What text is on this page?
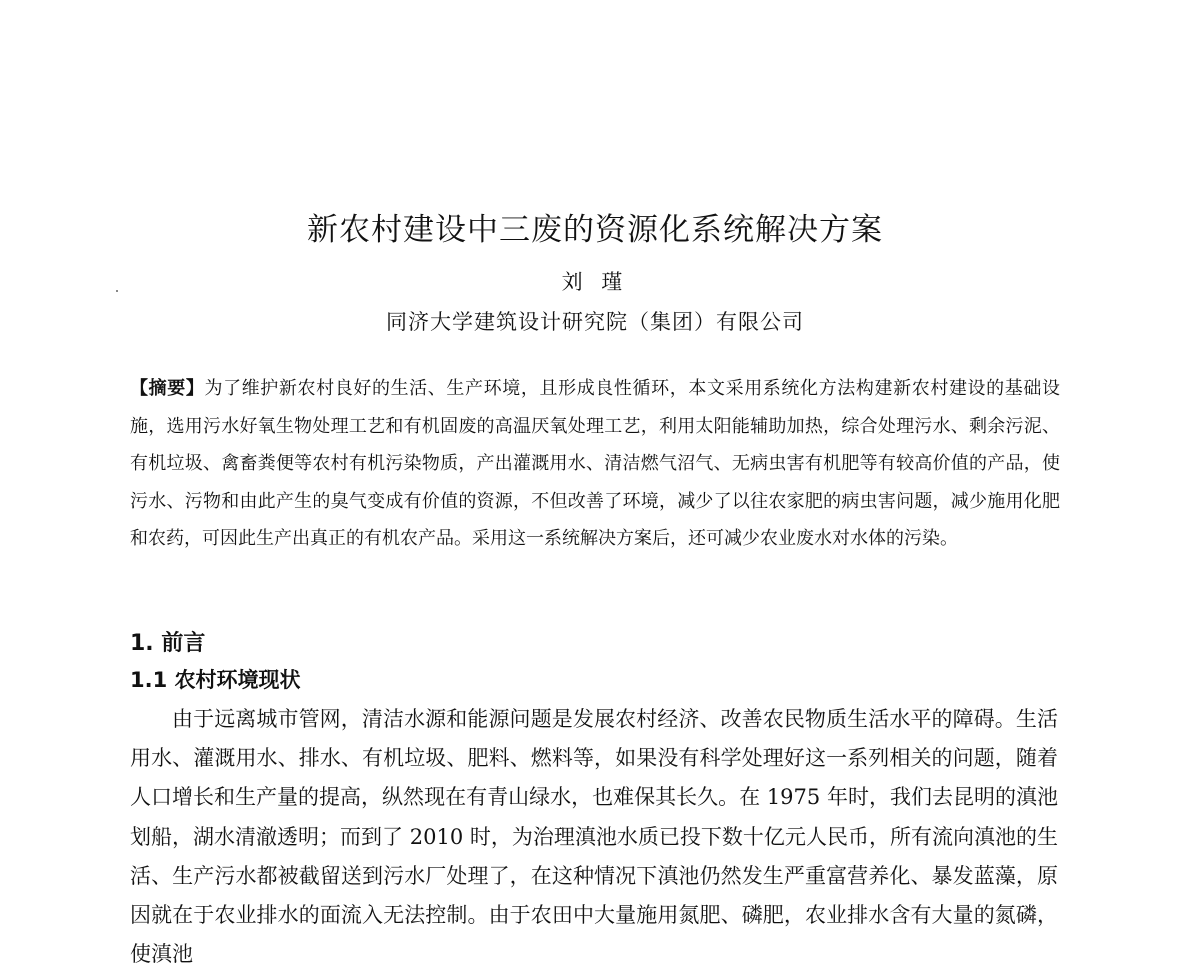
新农村建设中三废的资源化系统解决方案
刘 瑾
同济大学建筑设计研究院（集团）有限公司

【摘要】为了维护新农村良好的生活、生产环境，且形成良性循环，本文采用系统化方法构建新农村建设的基础设施，选用污水好氧生物处理工艺和有机固废的高温厌氧处理工艺，利用太阳能辅助加热，综合处理污水、剩余污泥、有机垃圾、禽畜粪便等农村有机污染物质，产出灌溉用水、清洁燃气沼气、无病虫害有机肥等有较高价值的产品，使污水、污物和由此产生的臭气变成有价值的资源，不但改善了环境，减少了以往农家肥的病虫害问题，减少施用化肥和农药，可因此生产出真正的有机农产品。采用这一系统解决方案后，还可减少农业废水对水体的污染。

1. 前言
1.1 农村环境现状

由于远离城市管网，清洁水源和能源问题是发展农村经济、改善农民物质生活水平的障碍。生活用水、灌溉用水、排水、有机垃圾、肥料、燃料等，如果没有科学处理好这一系列相关的问题，随着人口增长和生产量的提高，纵然现在有青山绿水，也难保其长久。在 1975 年时，我们去昆明的滇池划船，湖水清澈透明；而到了 2010 时，为治理滇池水质已投下数十亿元人民币，所有流向滇池的生活、生产污水都被截留送到污水厂处理了，在这种情况下滇池仍然发生严重富营养化、暴发蓝藻，原因就在于农业排水的面流入无法控制。由于农田中大量施用氮肥、磷肥，农业排水含有大量的氮磷，使滇池
